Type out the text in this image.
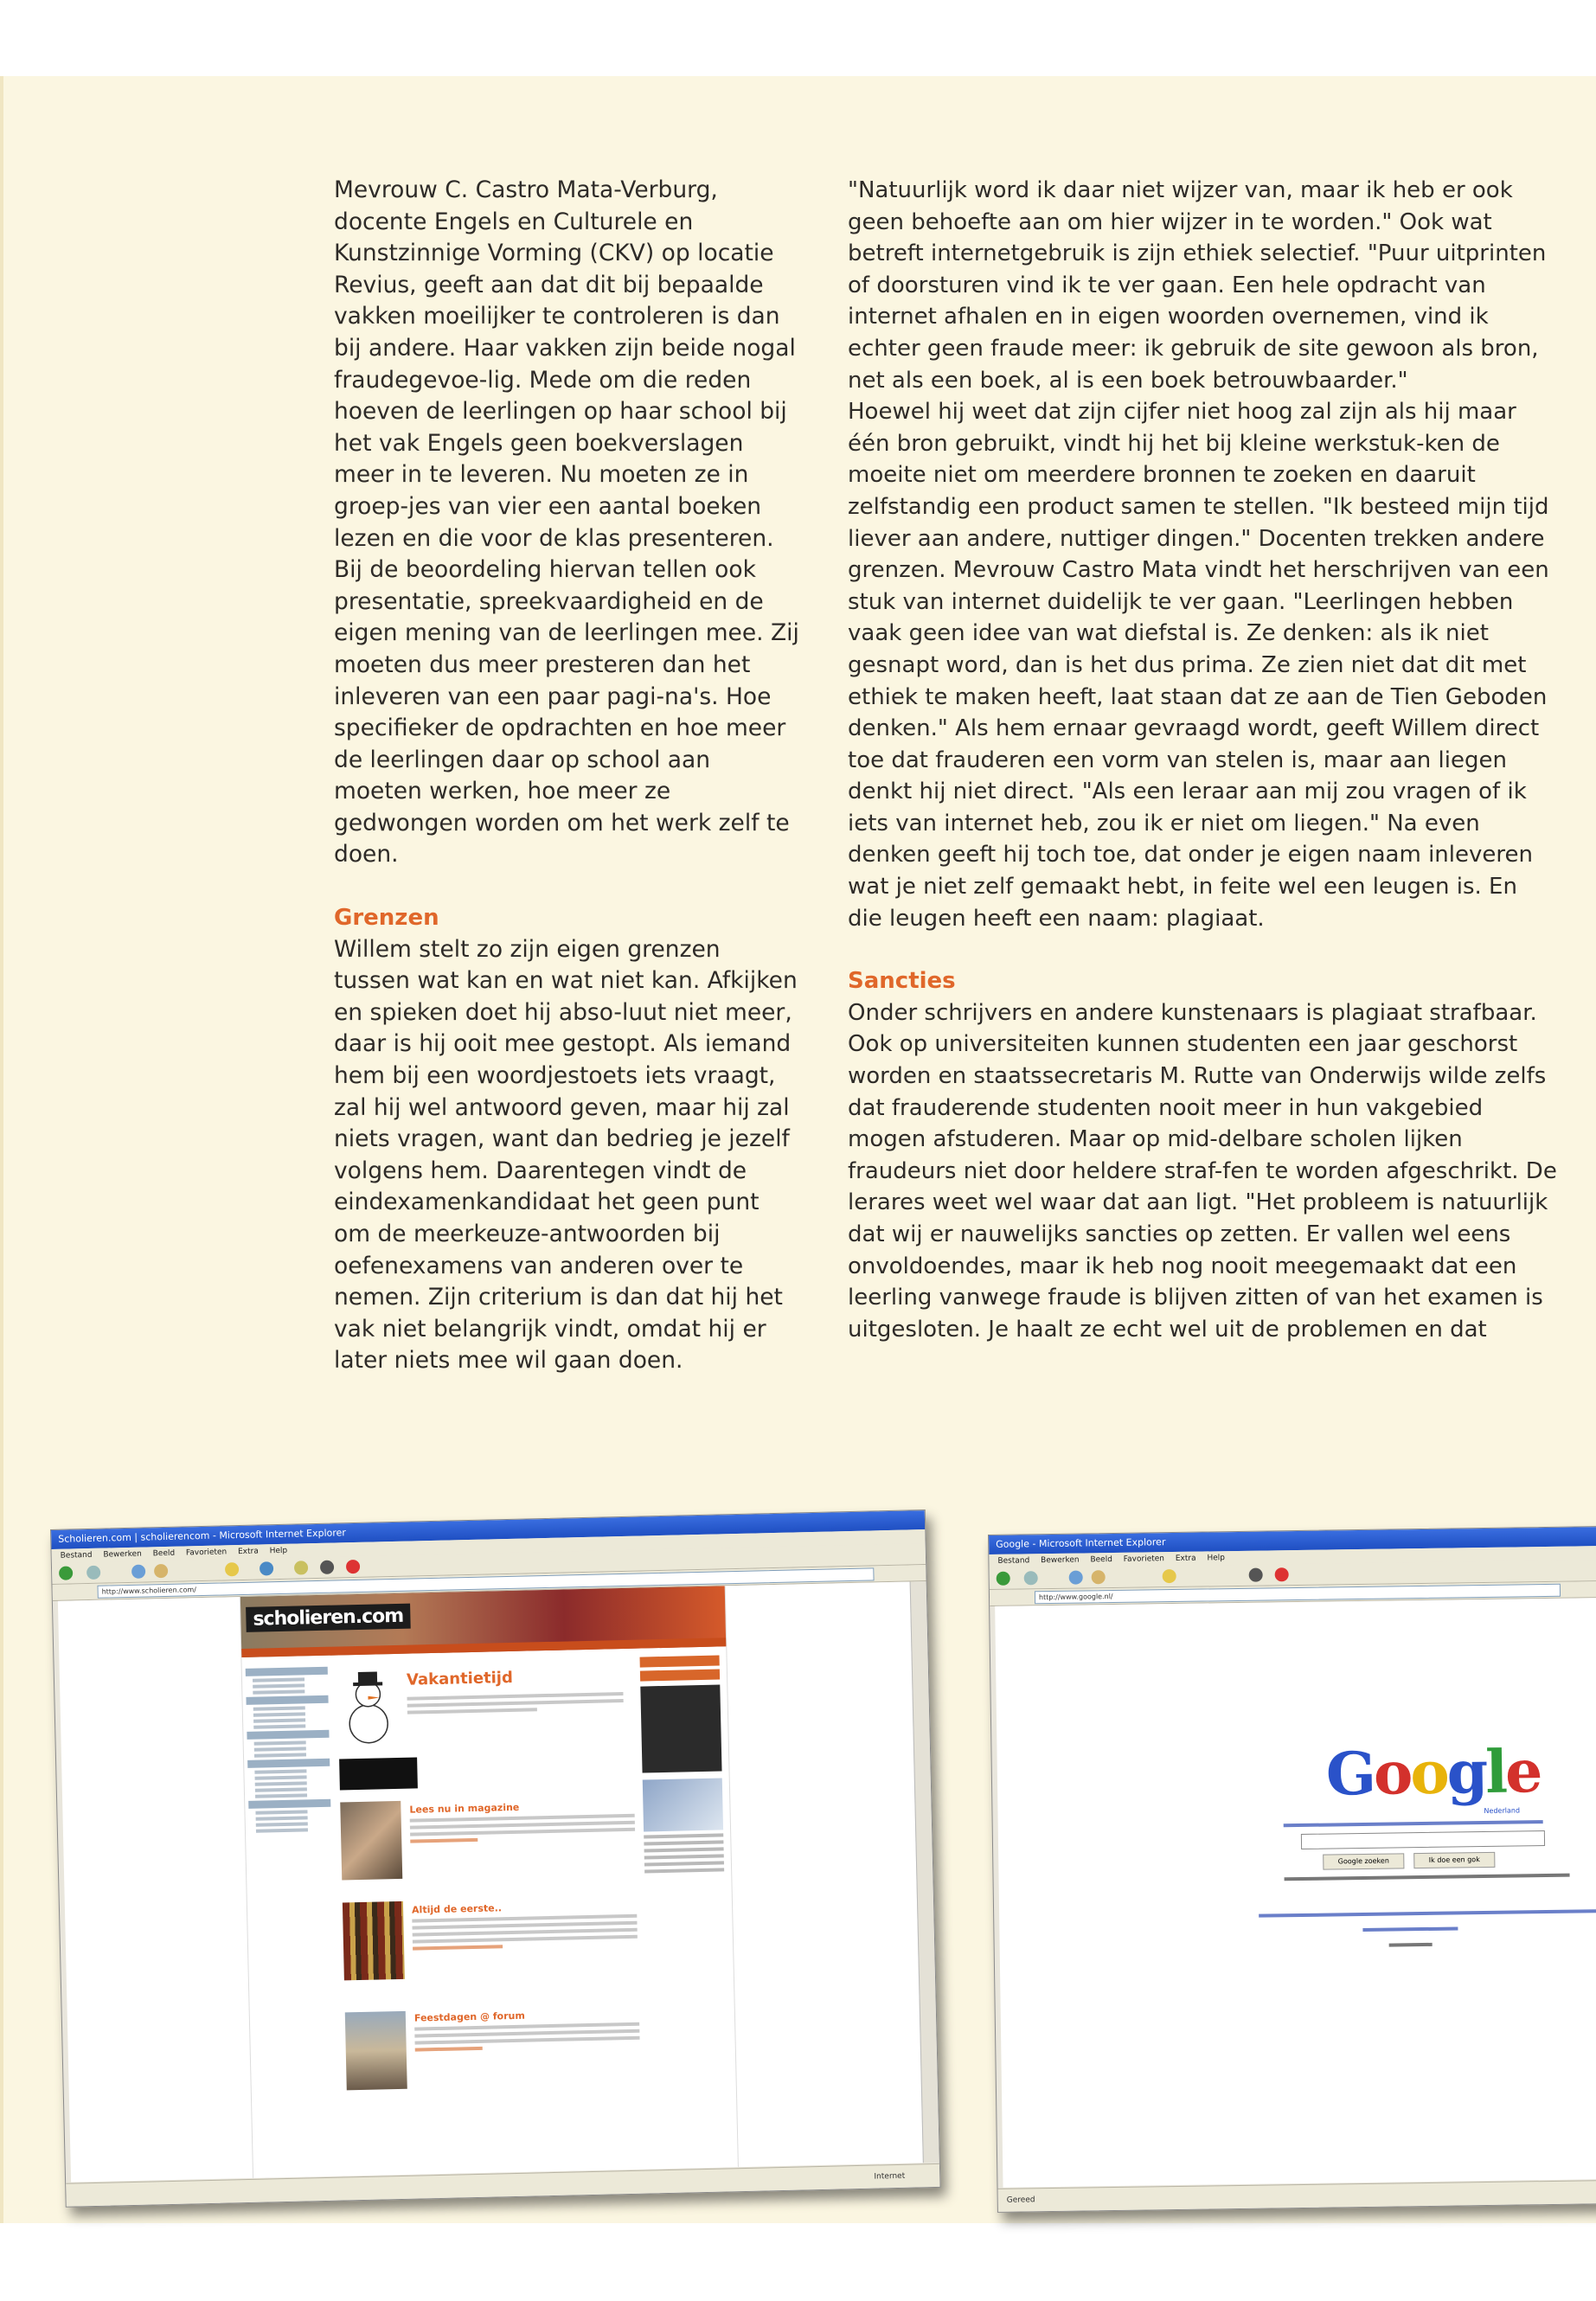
Mevrouw C. Castro Mata-Verburg, docente Engels en Culturele en Kunstzinnige Vorming (CKV) op locatie Revius, geeft aan dat dit bij bepaalde vakken moeilijker te controleren is dan bij andere. Haar vakken zijn beide nogal fraudegevoe-lig. Mede om die reden hoeven de leerlingen op haar school bij het vak Engels geen boekverslagen meer in te leveren. Nu moeten ze in groep-jes van vier een aantal boeken lezen en die voor de klas presenteren. Bij de beoordeling hiervan tellen ook presentatie, spreekvaardigheid en de eigen mening van de leerlingen mee. Zij moeten dus meer presteren dan het inleveren van een paar pagi-na's. Hoe specifieker de opdrachten en hoe meer de leerlingen daar op school aan moeten werken, hoe meer ze gedwongen worden om het werk zelf te doen.

Grenzen

Willem stelt zo zijn eigen grenzen tussen wat kan en wat niet kan. Afkijken en spieken doet hij abso-luut niet meer, daar is hij ooit mee gestopt. Als iemand hem bij een woordjestoets iets vraagt, zal hij wel antwoord geven, maar hij zal niets vragen, want dan bedrieg je jezelf volgens hem. Daarentegen vindt de eindexamenkandidaat het geen punt om de meerkeuze-antwoorden bij oefenexamens van anderen over te nemen. Zijn criterium is dan dat hij het vak niet belangrijk vindt, omdat hij er later niets mee wil gaan doen.

"Natuurlijk word ik daar niet wijzer van, maar ik heb er ook geen behoefte aan om hier wijzer in te worden." Ook wat betreft internetgebruik is zijn ethiek selectief. "Puur uitprinten of doorsturen vind ik te ver gaan. Een hele opdracht van internet afhalen en in eigen woorden overnemen, vind ik echter geen fraude meer: ik gebruik de site gewoon als bron, net als een boek, al is een boek betrouwbaarder."

Hoewel hij weet dat zijn cijfer niet hoog zal zijn als hij maar één bron gebruikt, vindt hij het bij kleine werkstuk-ken de moeite niet om meerdere bronnen te zoeken en daaruit zelfstandig een product samen te stellen. "Ik besteed mijn tijd liever aan andere, nuttiger dingen." Docenten trekken andere grenzen. Mevrouw Castro Mata vindt het herschrijven van een stuk van internet duidelijk te ver gaan. "Leerlingen hebben vaak geen idee van wat diefstal is. Ze denken: als ik niet gesnapt word, dan is het dus prima. Ze zien niet dat dit met ethiek te maken heeft, laat staan dat ze aan de Tien Geboden denken." Als hem ernaar gevraagd wordt, geeft Willem direct toe dat frauderen een vorm van stelen is, maar aan liegen denkt hij niet direct. "Als een leraar aan mij zou vragen of ik iets van internet heb, zou ik er niet om liegen." Na even denken geeft hij toch toe, dat onder je eigen naam inleveren wat je niet zelf gemaakt hebt, in feite wel een leugen is. En die leugen heeft een naam: plagiaat.

Sancties

Onder schrijvers en andere kunstenaars is plagiaat strafbaar. Ook op universiteiten kunnen studenten een jaar geschorst worden en staatssecretaris M. Rutte van Onderwijs wilde zelfs dat frauderende studenten nooit meer in hun vakgebied mogen afstuderen. Maar op mid-delbare scholen lijken fraudeurs niet door heldere straf-fen te worden afgeschrikt. De lerares weet wel waar dat aan ligt. "Het probleem is natuurlijk dat wij er nauwelijks sancties op zetten. Er vallen wel eens onvoldoendes, maar ik heb nog nooit meegemaakt dat een leerling vanwege fraude is blijven zitten of van het examen is uitgesloten. Je haalt ze echt wel uit de problemen en dat

Scholieren.com | scholierencom - Microsoft Internet Explorer
Bestand Bewerken Beeld Favorieten Extra Help
http://www.scholieren.com/
scholieren.com
Vakantietijd
Lees nu in magazine
Altijd de eerste..
Feestdagen @ forum
Internet
Google - Microsoft Internet Explorer
Bestand Bewerken Beeld Favorieten Extra Help
http://www.google.nl/
Google
Nederland
Google zoeken	Ik doe een gok
Gereed
